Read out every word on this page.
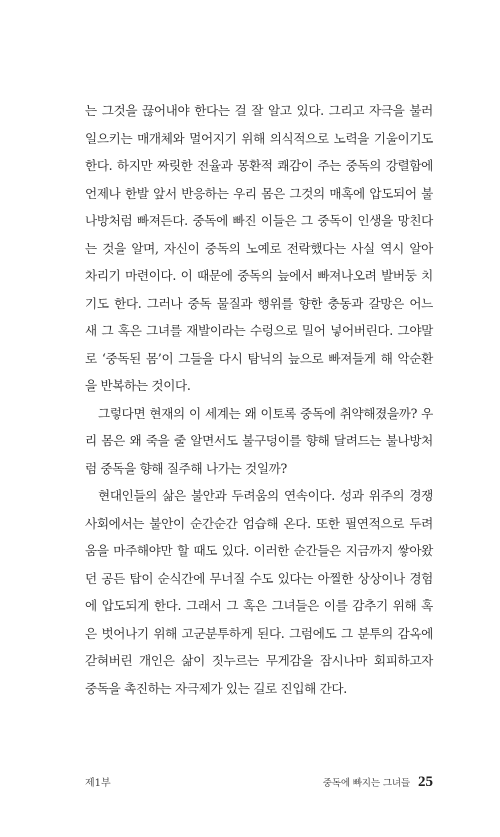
는 그것을 끊어내야 한다는 걸 잘 알고 있다. 그리고 자극을 불러
일으키는 매개체와 멀어지기 위해 의식적으로 노력을 기울이기도
한다. 하지만 짜릿한 전율과 몽환적 쾌감이 주는 중독의 강렬함에
언제나 한발 앞서 반응하는 우리 몸은 그것의 매혹에 압도되어 불
나방처럼 빠져든다. 중독에 빠진 이들은 그 중독이 인생을 망친다
는 것을 알며, 자신이 중독의 노예로 전락했다는 사실 역시 알아
차리기 마련이다. 이 때문에 중독의 늪에서 빠져나오려 발버둥 치
기도 한다. 그러나 중독 물질과 행위를 향한 충동과 갈망은 어느
새 그 혹은 그녀를 재발이라는 수렁으로 밀어 넣어버린다. 그야말
로 ‘중독된 몸’이 그들을 다시 탐닉의 늪으로 빠져들게 해 악순환
을 반복하는 것이다.
그렇다면 현재의 이 세계는 왜 이토록 중독에 취약해졌을까? 우
리 몸은 왜 죽을 줄 알면서도 불구덩이를 향해 달려드는 불나방처
럼 중독을 향해 질주해 나가는 것일까?
현대인들의 삶은 불안과 두려움의 연속이다. 성과 위주의 경쟁
사회에서는 불안이 순간순간 엄습해 온다. 또한 필연적으로 두려
움을 마주해야만 할 때도 있다. 이러한 순간들은 지금까지 쌓아왔
던 공든 탑이 순식간에 무너질 수도 있다는 아찔한 상상이나 경험
에 압도되게 한다. 그래서 그 혹은 그녀들은 이를 감추기 위해 혹
은 벗어나기 위해 고군분투하게 된다. 그럼에도 그 분투의 감옥에
갇혀버린 개인은 삶이 짓누르는 무게감을 잠시나마 회피하고자
중독을 촉진하는 자극제가 있는 길로 진입해 간다.
제1부	중독에 빠지는 그녀들 25
